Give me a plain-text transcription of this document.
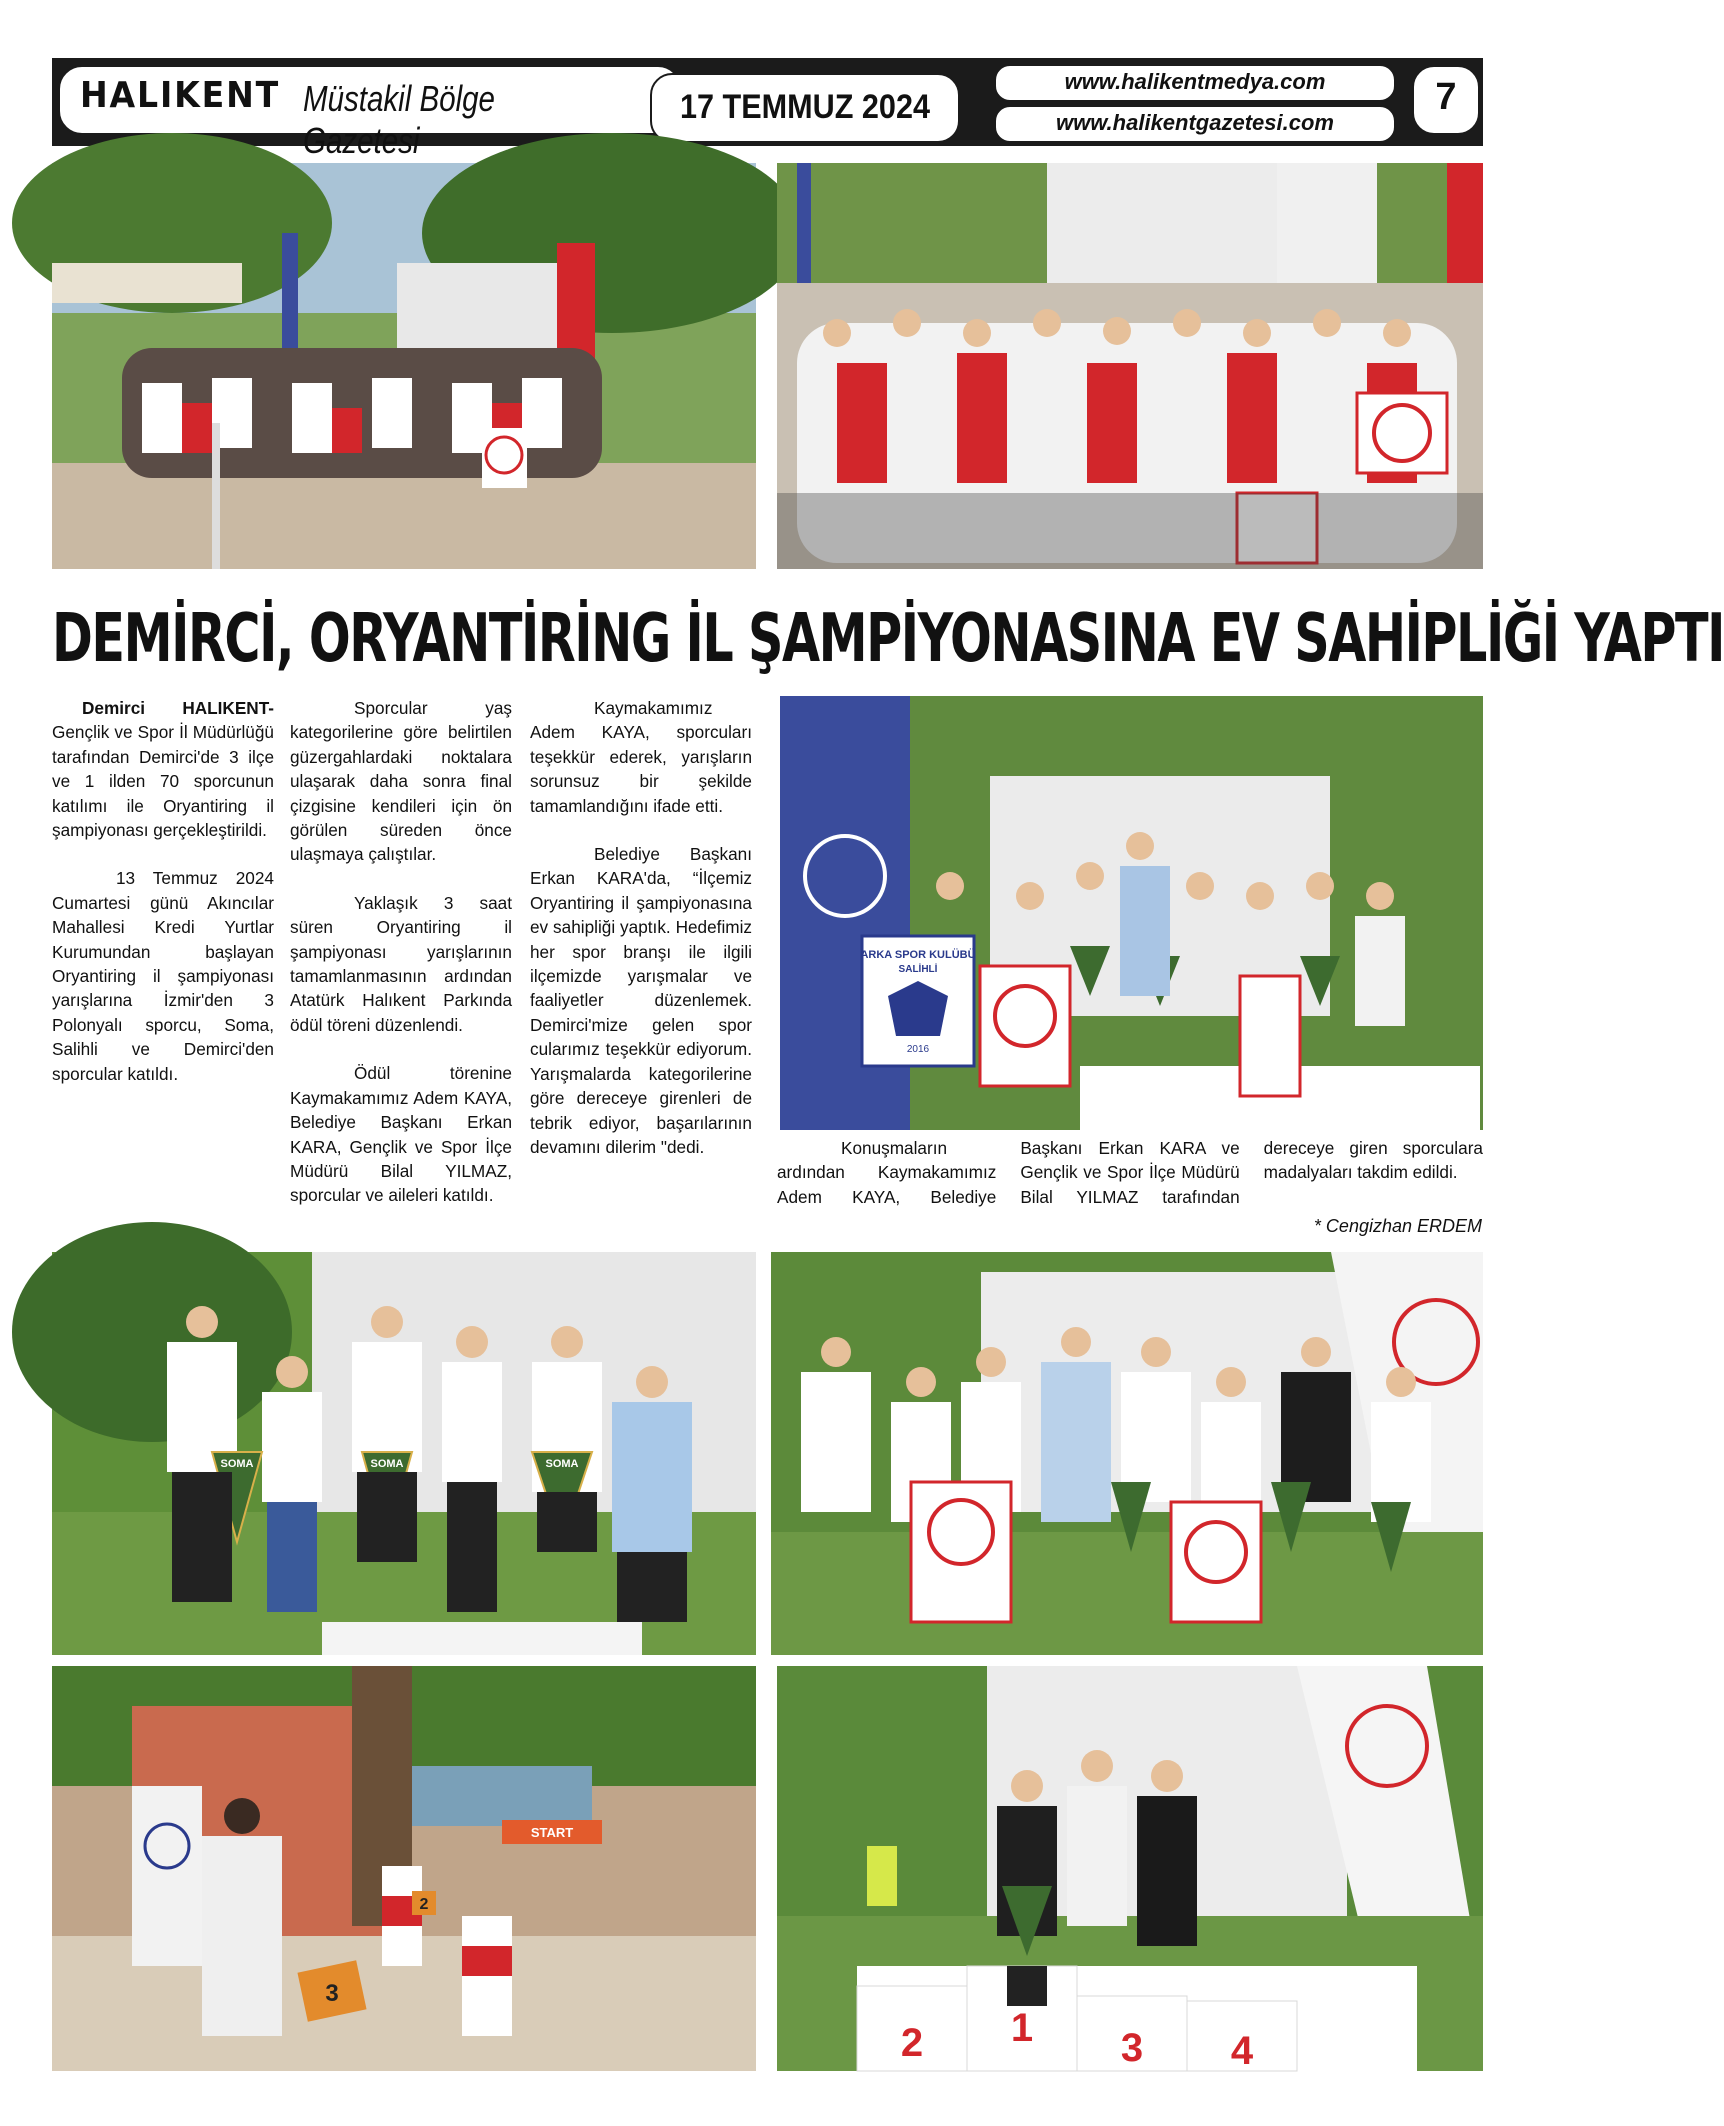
HALIKENT Müstakil Bölge Gazetesi
17 TEMMUZ 2024
www.halikentmedya.com
www.halikentgazetesi.com
7
DEMİRCİ, ORYANTİRİNG İL ŞAMPİYONASINA EV SAHİPLİĞİ YAPTI

Demirci HALIKENT- Gençlik ve Spor İl Müdürlüğü tarafından Demirci'de 3 ilçe ve 1 ilden 70 sporcunun katılımı ile Oryantiring il şampiyonası gerçekleştirildi.

13 Temmuz 2024 Cumartesi günü Akıncılar Mahallesi Kredi Yurtlar Kurumundan başlayan Oryantiring il şampiyonası yarışlarına İzmir'den 3 Polonyalı sporcu, Soma, Salihli ve Demirci'den sporcular katıldı.

Sporcular yaş kategorilerine göre belirtilen güzergahlardaki noktalara ulaşarak daha sonra final çizgisine kendileri için ön görülen süreden önce ulaşmaya çalıştılar.

Yaklaşık 3 saat süren Oryantiring il şampiyonası yarışlarının tamamlanmasının ardından Atatürk Halıkent Parkında ödül töreni düzenlendi.

Ödül törenine Kaymakamımız Adem KAYA, Belediye Başkanı Erkan KARA, Gençlik ve Spor İlçe Müdürü Bilal YILMAZ, sporcular ve aileleri katıldı.

Kaymakamımız Adem KAYA, sporcuları teşekkür ederek, yarışların sorunsuz bir şekilde tamamlandığını ifade etti.

Belediye Başkanı Erkan KARA'da, “İlçemiz Oryantiring il şampiyonasına ev sahipliği yaptık. Hedefimiz her spor branşı ile ilgili ilçemizde yarışmalar ve faaliyetler düzenlemek. Demirci'mize gelen spor cularımız teşekkür ediyorum. Yarışmalarda kategorilerine göre dereceye girenleri de tebrik ediyor, başarılarının devamını dilerim "dedi.	Konuşmaların ardından Kaymakamımız Adem KAYA, Belediye Başkanı Erkan KARA ve Gençlik ve Spor İlçe Müdürü Bilal YILMAZ tarafından dereceye giren sporculara madalyaları takdim edildi.

* Cengizhan ERDEM
ARKA SPOR KULÜBÜ
SALİHLİ
2016
SOMA	SOMA	SOMA
START
3
2
2 1 3 4
